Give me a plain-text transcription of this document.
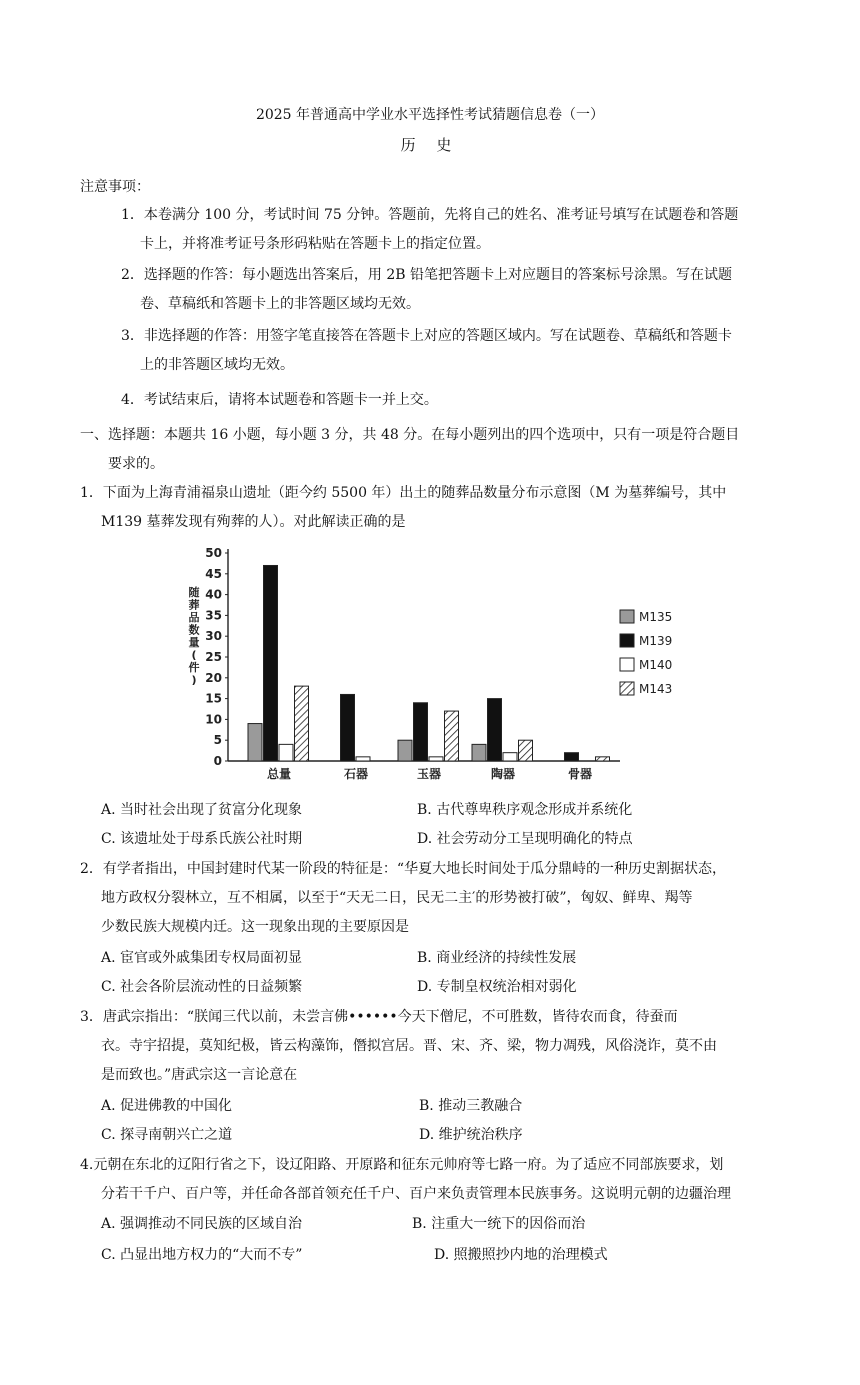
2025 年普通高中学业水平选择性考试猜题信息卷（一）
历 史
注意事项：
1．本卷满分 100 分，考试时间 75 分钟。答题前，先将自己的姓名、准考证号填写在试题卷和答题
卡上，并将准考证号条形码粘贴在答题卡上的指定位置。
2．选择题的作答：每小题选出答案后，用 2B 铅笔把答题卡上对应题目的答案标号涂黑。写在试题
卷、草稿纸和答题卡上的非答题区域均无效。
3．非选择题的作答：用签字笔直接答在答题卡上对应的答题区域内。写在试题卷、草稿纸和答题卡
上的非答题区域均无效。
4．考试结束后，请将本试题卷和答题卡一并上交。
一、选择题：本题共 16 小题，每小题 3 分，共 48 分。在每小题列出的四个选项中，只有一项是符合题目
要求的。
1．下面为上海青浦福泉山遗址（距今约 5500 年）出土的随葬品数量分布示意图（M 为墓葬编号，其中
M139 墓葬发现有殉葬的人）。对此解读正确的是
0
5
10
15
20
25
30
35
40
45
50
随
葬
品
数
量
(
件
)
总量	石器	玉器	陶器	骨器
M135
M139
M140
M143
A. 当时社会出现了贫富分化现象	B. 古代尊卑秩序观念形成并系统化
C. 该遗址处于母系氏族公社时期	D. 社会劳动分工呈现明确化的特点
2．有学者指出，中国封建时代某一阶段的特征是：“华夏大地长时间处于瓜分鼎峙的一种历史割据状态，
地方政权分裂林立，互不相属，以至于“天无二日，民无二主′的形势被打破”，匈奴、鲜卑、羯等
少数民族大规模内迁。这一现象出现的主要原因是
A. 宦官或外戚集团专权局面初显	B. 商业经济的持续性发展
C. 社会各阶层流动性的日益频繁	D. 专制皇权统治相对弱化
3．唐武宗指出：“朕闻三代以前，未尝言佛••••••今天下僧尼，不可胜数，皆待农而食，待蚕而
衣。寺宇招提，莫知纪极，皆云构藻饰，僭拟宫居。晋、宋、齐、梁，物力凋残，风俗浇诈，莫不由
是而致也。”唐武宗这一言论意在
A. 促进佛教的中国化	B. 推动三教融合
C. 探寻南朝兴亡之道	D. 维护统治秩序
4.元朝在东北的辽阳行省之下，设辽阳路、开原路和征东元帅府等七路一府。为了适应不同部族要求，划
分若干千户、百户等，并任命各部首领充任千户、百户来负责管理本民族事务。这说明元朝的边疆治理
A. 强调推动不同民族的区域自治	B. 注重大一统下的因俗而治
C. 凸显出地方权力的“大而不专”	D. 照搬照抄内地的治理模式
